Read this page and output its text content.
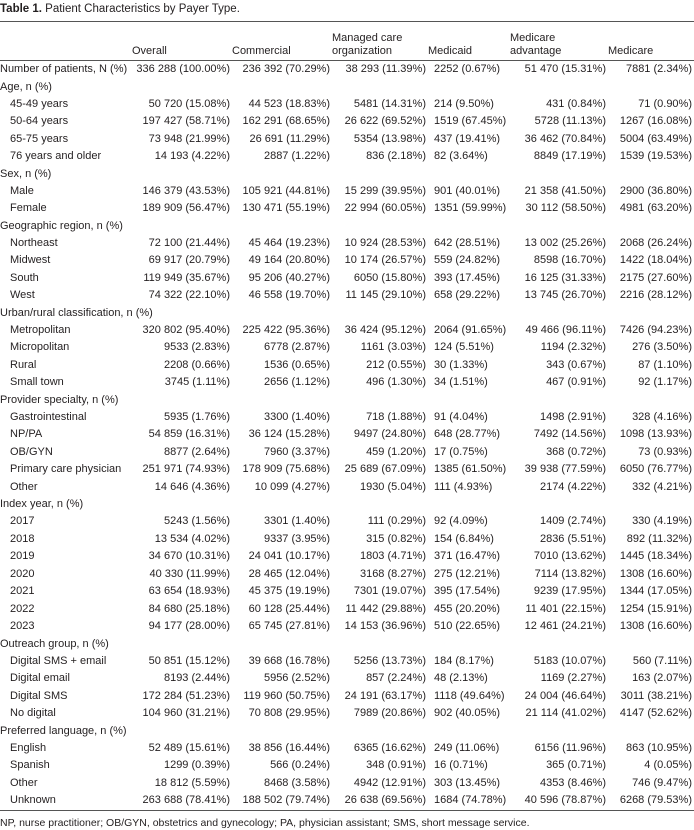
Table 1. Patient Characteristics by Payer Type.
	Overall	Commercial	Managed care organization	Medicaid	Medicare advantage	Medicare
Number of patients, N (%)	336 288 (100.00%)	236 392 (70.29%)	38 293 (11.39%)	2252 (0.67%)	51 470 (15.31%)	7881 (2.34%)
Age, n (%)						
45-49 years	50 720 (15.08%)	44 523 (18.83%)	5481 (14.31%)	214 (9.50%)	431 (0.84%)	71 (0.90%)
50-64 years	197 427 (58.71%)	162 291 (68.65%)	26 622 (69.52%)	1519 (67.45%)	5728 (11.13%)	1267 (16.08%)
65-75 years	73 948 (21.99%)	26 691 (11.29%)	5354 (13.98%)	437 (19.41%)	36 462 (70.84%)	5004 (63.49%)
76 years and older	14 193 (4.22%)	2887 (1.22%)	836 (2.18%)	82 (3.64%)	8849 (17.19%)	1539 (19.53%)
Sex, n (%)						
Male	146 379 (43.53%)	105 921 (44.81%)	15 299 (39.95%)	901 (40.01%)	21 358 (41.50%)	2900 (36.80%)
Female	189 909 (56.47%)	130 471 (55.19%)	22 994 (60.05%)	1351 (59.99%)	30 112 (58.50%)	4981 (63.20%)
Geographic region, n (%)						
Northeast	72 100 (21.44%)	45 464 (19.23%)	10 924 (28.53%)	642 (28.51%)	13 002 (25.26%)	2068 (26.24%)
Midwest	69 917 (20.79%)	49 164 (20.80%)	10 174 (26.57%)	559 (24.82%)	8598 (16.70%)	1422 (18.04%)
South	119 949 (35.67%)	95 206 (40.27%)	6050 (15.80%)	393 (17.45%)	16 125 (31.33%)	2175 (27.60%)
West	74 322 (22.10%)	46 558 (19.70%)	11 145 (29.10%)	658 (29.22%)	13 745 (26.70%)	2216 (28.12%)
Urban/rural classification, n (%)						
Metropolitan	320 802 (95.40%)	225 422 (95.36%)	36 424 (95.12%)	2064 (91.65%)	49 466 (96.11%)	7426 (94.23%)
Micropolitan	9533 (2.83%)	6778 (2.87%)	1161 (3.03%)	124 (5.51%)	1194 (2.32%)	276 (3.50%)
Rural	2208 (0.66%)	1536 (0.65%)	212 (0.55%)	30 (1.33%)	343 (0.67%)	87 (1.10%)
Small town	3745 (1.11%)	2656 (1.12%)	496 (1.30%)	34 (1.51%)	467 (0.91%)	92 (1.17%)
Provider specialty, n (%)						
Gastrointestinal	5935 (1.76%)	3300 (1.40%)	718 (1.88%)	91 (4.04%)	1498 (2.91%)	328 (4.16%)
NP/PA	54 859 (16.31%)	36 124 (15.28%)	9497 (24.80%)	648 (28.77%)	7492 (14.56%)	1098 (13.93%)
OB/GYN	8877 (2.64%)	7960 (3.37%)	459 (1.20%)	17 (0.75%)	368 (0.72%)	73 (0.93%)
Primary care physician	251 971 (74.93%)	178 909 (75.68%)	25 689 (67.09%)	1385 (61.50%)	39 938 (77.59%)	6050 (76.77%)
Other	14 646 (4.36%)	10 099 (4.27%)	1930 (5.04%)	111 (4.93%)	2174 (4.22%)	332 (4.21%)
Index year, n (%)						
2017	5243 (1.56%)	3301 (1.40%)	111 (0.29%)	92 (4.09%)	1409 (2.74%)	330 (4.19%)
2018	13 534 (4.02%)	9337 (3.95%)	315 (0.82%)	154 (6.84%)	2836 (5.51%)	892 (11.32%)
2019	34 670 (10.31%)	24 041 (10.17%)	1803 (4.71%)	371 (16.47%)	7010 (13.62%)	1445 (18.34%)
2020	40 330 (11.99%)	28 465 (12.04%)	3168 (8.27%)	275 (12.21%)	7114 (13.82%)	1308 (16.60%)
2021	63 654 (18.93%)	45 375 (19.19%)	7301 (19.07%)	395 (17.54%)	9239 (17.95%)	1344 (17.05%)
2022	84 680 (25.18%)	60 128 (25.44%)	11 442 (29.88%)	455 (20.20%)	11 401 (22.15%)	1254 (15.91%)
2023	94 177 (28.00%)	65 745 (27.81%)	14 153 (36.96%)	510 (22.65%)	12 461 (24.21%)	1308 (16.60%)
Outreach group, n (%)						
Digital SMS + email	50 851 (15.12%)	39 668 (16.78%)	5256 (13.73%)	184 (8.17%)	5183 (10.07%)	560 (7.11%)
Digital email	8193 (2.44%)	5956 (2.52%)	857 (2.24%)	48 (2.13%)	1169 (2.27%)	163 (2.07%)
Digital SMS	172 284 (51.23%)	119 960 (50.75%)	24 191 (63.17%)	1118 (49.64%)	24 004 (46.64%)	3011 (38.21%)
No digital	104 960 (31.21%)	70 808 (29.95%)	7989 (20.86%)	902 (40.05%)	21 114 (41.02%)	4147 (52.62%)
Preferred language, n (%)						
English	52 489 (15.61%)	38 856 (16.44%)	6365 (16.62%)	249 (11.06%)	6156 (11.96%)	863 (10.95%)
Spanish	1299 (0.39%)	566 (0.24%)	348 (0.91%)	16 (0.71%)	365 (0.71%)	4 (0.05%)
Other	18 812 (5.59%)	8468 (3.58%)	4942 (12.91%)	303 (13.45%)	4353 (8.46%)	746 (9.47%)
Unknown	263 688 (78.41%)	188 502 (79.74%)	26 638 (69.56%)	1684 (74.78%)	40 596 (78.87%)	6268 (79.53%)
NP, nurse practitioner; OB/GYN, obstetrics and gynecology; PA, physician assistant; SMS, short message service.
